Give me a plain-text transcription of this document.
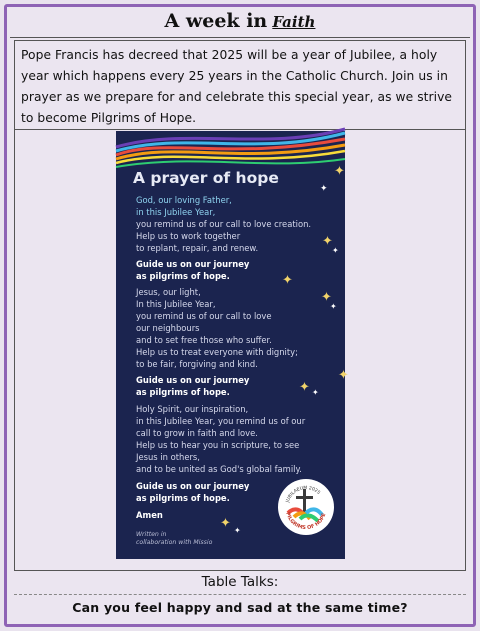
A week in Faith
Pope Francis has decreed that 2025 will be a year of Jubilee, a holy year which happens every 25 years in the Catholic Church. Join us in prayer as we prepare for and celebrate this special year, as we strive to become Pilgrims of Hope.
A prayer of hope
God, our loving Father,
in this Jubilee Year,
you remind us of our call to love creation.
Help us to work together
to replant, repair, and renew.
Guide us on our journey
as pilgrims of hope.
Jesus, our light,
In this Jubilee Year,
you remind us of our call to love
our neighbours
and to set free those who suffer.
Help us to treat everyone with dignity;
to be fair, forgiving and kind.
Guide us on our journey
as pilgrims of hope.
Holy Spirit, our inspiration,
in this Jubilee Year, you remind us of our
call to grow in faith and love.
Help us to hear you in scripture, to see
Jesus in others,
and to be united as God's global family.
Guide us on our journey
as pilgrims of hope.
Amen
Written in
collaboration with Missio
✦
✦
✦
✦
✦
✦
✦
✦
✦ ✦
✦ ✦
JUBILAEUM 2025
PILGRIMS OF HOPE
Table Talks:
Can you feel happy and sad at the same time?
